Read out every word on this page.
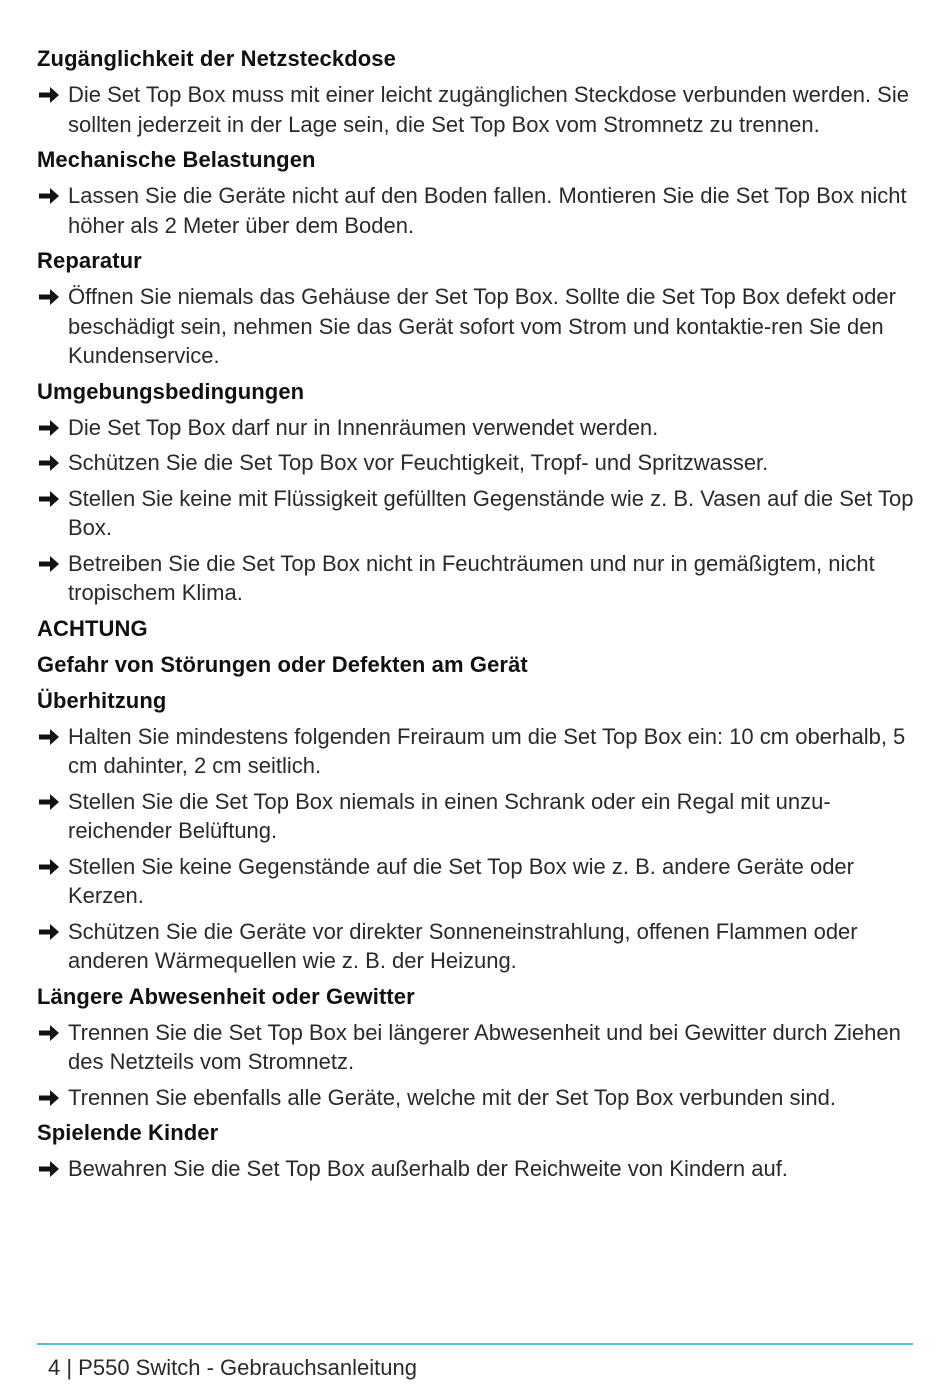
Zugänglichkeit der Netzsteckdose
Die Set Top Box muss mit einer leicht zugänglichen Steckdose verbunden werden. Sie sollten jederzeit in der Lage sein, die Set Top Box vom Stromnetz zu trennen.
Mechanische Belastungen
Lassen Sie die Geräte nicht auf den Boden fallen. Montieren Sie die Set Top Box nicht höher als 2 Meter über dem Boden.
Reparatur
Öffnen Sie niemals das Gehäuse der Set Top Box. Sollte die Set Top Box defekt oder beschädigt sein, nehmen Sie das Gerät sofort vom Strom und kontaktie-ren Sie den Kundenservice.
Umgebungsbedingungen
Die Set Top Box darf nur in Innenräumen verwendet werden.
Schützen Sie die Set Top Box vor Feuchtigkeit, Tropf- und Spritzwasser.
Stellen Sie keine mit Flüssigkeit gefüllten Gegenstände wie z. B. Vasen auf die Set Top Box.
Betreiben Sie die Set Top Box nicht in Feuchträumen und nur in gemäßigtem, nicht tropischem Klima.
ACHTUNG
Gefahr von Störungen oder Defekten am Gerät
Überhitzung
Halten Sie mindestens folgenden Freiraum um die Set Top Box ein: 10 cm oberhalb, 5 cm dahinter, 2 cm seitlich.
Stellen Sie die Set Top Box niemals in einen Schrank oder ein Regal mit unzu-reichender Belüftung.
Stellen Sie keine Gegenstände auf die Set Top Box wie z. B. andere Geräte oder Kerzen.
Schützen Sie die Geräte vor direkter Sonneneinstrahlung, offenen Flammen oder anderen Wärmequellen wie z. B. der Heizung.
Längere Abwesenheit oder Gewitter
Trennen Sie die Set Top Box bei längerer Abwesenheit und bei Gewitter durch Ziehen des Netzteils vom Stromnetz.
Trennen Sie ebenfalls alle Geräte, welche mit der Set Top Box verbunden sind.
Spielende Kinder
Bewahren Sie die Set Top Box außerhalb der Reichweite von Kindern auf.
4 | P550 Switch - Gebrauchsanleitung
